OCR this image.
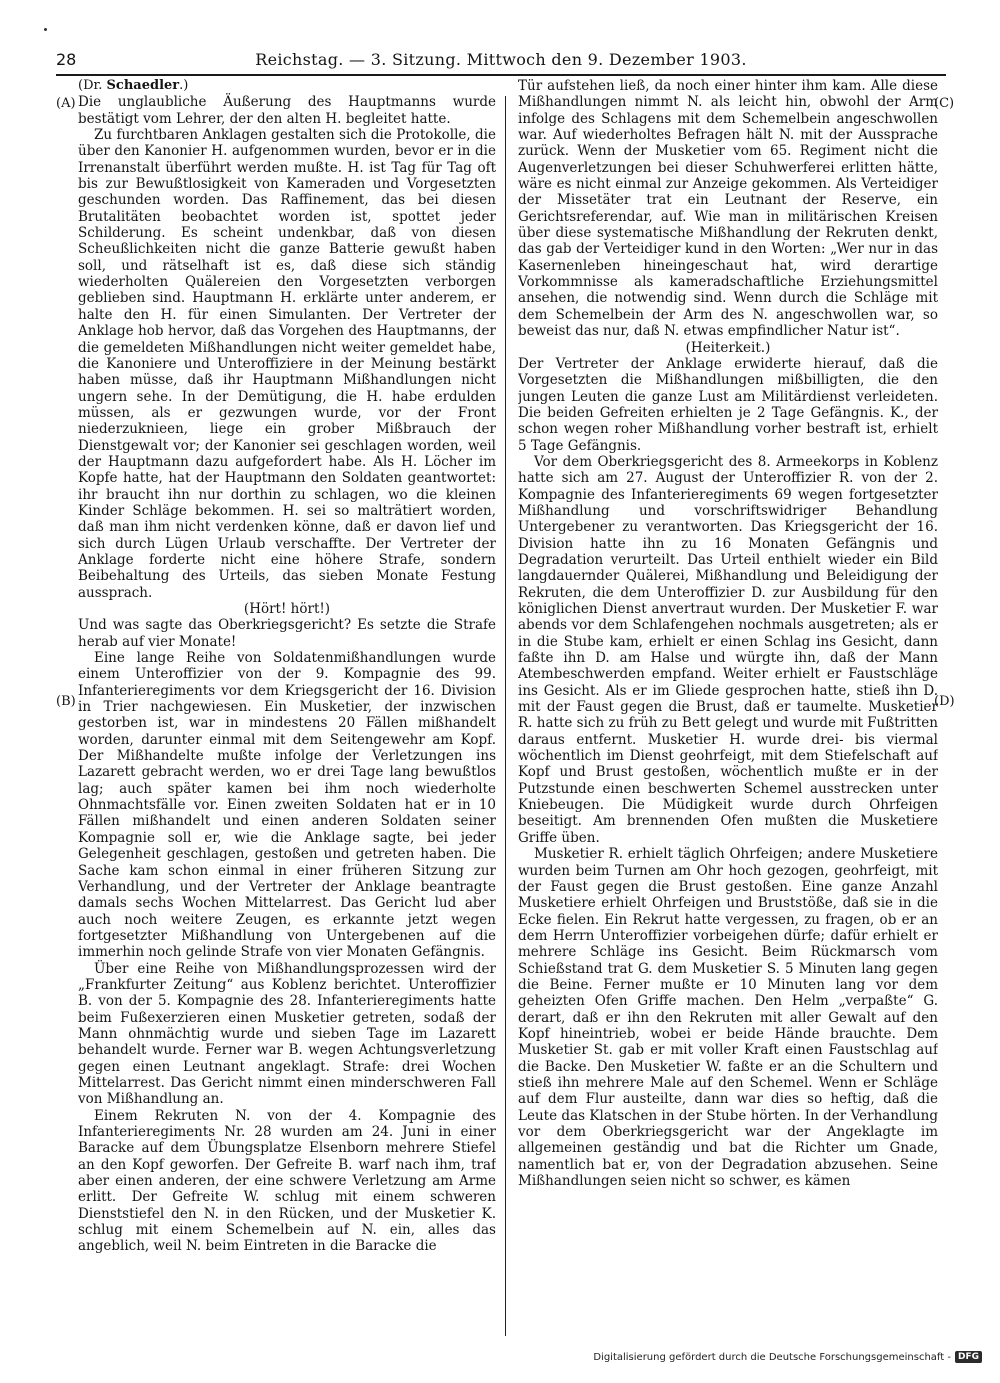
28	Reichstag. — 3. Sitzung. Mittwoch den 9. Dezember 1903.
(A)
(B)
(C)
(D)

(Dr. Schaedler.)

Die unglaubliche Äußerung des Hauptmanns wurde bestätigt vom Lehrer, der den alten H. begleitet hatte.

Zu furchtbaren Anklagen gestalten sich die Protokolle, die über den Kanonier H. aufgenommen wurden, bevor er in die Irrenanstalt überführt werden mußte. H. ist Tag für Tag oft bis zur Bewußtlosigkeit von Kameraden und Vorgesetzten geschunden worden. Das Raffinement, das bei diesen Brutalitäten beobachtet worden ist, spottet jeder Schilderung. Es scheint undenkbar, daß von diesen Scheußlichkeiten nicht die ganze Batterie gewußt haben soll, und rätselhaft ist es, daß diese sich ständig wiederholten Quälereien den Vorgesetzten verborgen geblieben sind. Hauptmann H. erklärte unter anderem, er halte den H. für einen Simulanten. Der Vertreter der Anklage hob hervor, daß das Vorgehen des Hauptmanns, der die gemeldeten Mißhandlungen nicht weiter gemeldet habe, die Kanoniere und Unteroffiziere in der Meinung bestärkt haben müsse, daß ihr Hauptmann Mißhandlungen nicht ungern sehe. In der Demütigung, die H. habe erdulden müssen, als er gezwungen wurde, vor der Front niederzuknieen, liege ein grober Mißbrauch der Dienstgewalt vor; der Kanonier sei geschlagen worden, weil der Hauptmann dazu aufgefordert habe. Als H. Löcher im Kopfe hatte, hat der Hauptmann den Soldaten geantwortet: ihr braucht ihn nur dorthin zu schlagen, wo die kleinen Kinder Schläge bekommen. H. sei so malträtiert worden, daß man ihm nicht verdenken könne, daß er davon lief und sich durch Lügen Urlaub verschaffte. Der Vertreter der Anklage forderte nicht eine höhere Strafe, sondern Beibehaltung des Urteils, das sieben Monate Festung aussprach.

(Hört! hört!)

Und was sagte das Oberkriegsgericht? Es setzte die Strafe herab auf vier Monate!

Eine lange Reihe von Soldatenmißhandlungen wurde einem Unteroffizier von der 9. Kompagnie des 99. Infanterieregiments vor dem Kriegsgericht der 16. Division in Trier nachgewiesen. Ein Musketier, der inzwischen gestorben ist, war in mindestens 20 Fällen mißhandelt worden, darunter einmal mit dem Seitengewehr am Kopf. Der Mißhandelte mußte infolge der Verletzungen ins Lazarett gebracht werden, wo er drei Tage lang bewußtlos lag; auch später kamen bei ihm noch wiederholte Ohnmachtsfälle vor. Einen zweiten Soldaten hat er in 10 Fällen mißhandelt und einen anderen Soldaten seiner Kompagnie soll er, wie die Anklage sagte, bei jeder Gelegenheit geschlagen, gestoßen und getreten haben. Die Sache kam schon einmal in einer früheren Sitzung zur Verhandlung, und der Vertreter der Anklage beantragte damals sechs Wochen Mittelarrest. Das Gericht lud aber auch noch weitere Zeugen, es erkannte jetzt wegen fortgesetzter Mißhandlung von Untergebenen auf die immerhin noch gelinde Strafe von vier Monaten Gefängnis.

Über eine Reihe von Mißhandlungsprozessen wird der „Frankfurter Zeitung“ aus Koblenz berichtet. Unteroffizier B. von der 5. Kompagnie des 28. Infanterieregiments hatte beim Fußexerzieren einen Musketier getreten, sodaß der Mann ohnmächtig wurde und sieben Tage im Lazarett behandelt wurde. Ferner war B. wegen Achtungsverletzung gegen einen Leutnant angeklagt. Strafe: drei Wochen Mittelarrest. Das Gericht nimmt einen minderschweren Fall von Mißhandlung an.

Einem Rekruten N. von der 4. Kompagnie des Infanterieregiments Nr. 28 wurden am 24. Juni in einer Baracke auf dem Übungsplatze Elsenborn mehrere Stiefel an den Kopf geworfen. Der Gefreite B. warf nach ihm, traf aber einen anderen, der eine schwere Verletzung am Arme erlitt. Der Gefreite W. schlug mit einem schweren Dienststiefel den N. in den Rücken, und der Musketier K. schlug mit einem Schemelbein auf N. ein, alles das angeblich, weil N. beim Eintreten in die Baracke die

Tür aufstehen ließ, da noch einer hinter ihm kam. Alle diese Mißhandlungen nimmt N. als leicht hin, obwohl der Arm infolge des Schlagens mit dem Schemelbein angeschwollen war. Auf wiederholtes Befragen hält N. mit der Aussprache zurück. Wenn der Musketier vom 65. Regiment nicht die Augenverletzungen bei dieser Schuhwerferei erlitten hätte, wäre es nicht einmal zur Anzeige gekommen. Als Verteidiger der Missetäter trat ein Leutnant der Reserve, ein Gerichtsreferendar, auf. Wie man in militärischen Kreisen über diese systematische Mißhandlung der Rekruten denkt, das gab der Verteidiger kund in den Worten: „Wer nur in das Kasernenleben hineingeschaut hat, wird derartige Vorkommnisse als kameradschaftliche Erziehungsmittel ansehen, die notwendig sind. Wenn durch die Schläge mit dem Schemelbein der Arm des N. angeschwollen war, so beweist das nur, daß N. etwas empfindlicher Natur ist“.

(Heiterkeit.)

Der Vertreter der Anklage erwiderte hierauf, daß die Vorgesetzten die Mißhandlungen mißbilligten, die den jungen Leuten die ganze Lust am Militärdienst verleideten. Die beiden Gefreiten erhielten je 2 Tage Gefängnis. K., der schon wegen roher Mißhandlung vorher bestraft ist, erhielt 5 Tage Gefängnis.

Vor dem Oberkriegsgericht des 8. Armeekorps in Koblenz hatte sich am 27. August der Unteroffizier R. von der 2. Kompagnie des Infanterieregiments 69 wegen fortgesetzter Mißhandlung und vorschriftswidriger Behandlung Untergebener zu verantworten. Das Kriegsgericht der 16. Division hatte ihn zu 16 Monaten Gefängnis und Degradation verurteilt. Das Urteil enthielt wieder ein Bild langdauernder Quälerei, Mißhandlung und Beleidigung der Rekruten, die dem Unteroffizier D. zur Ausbildung für den königlichen Dienst anvertraut wurden. Der Musketier F. war abends vor dem Schlafengehen nochmals ausgetreten; als er in die Stube kam, erhielt er einen Schlag ins Gesicht, dann faßte ihn D. am Halse und würgte ihn, daß der Mann Atembeschwerden empfand. Weiter erhielt er Faustschläge ins Gesicht. Als er im Gliede gesprochen hatte, stieß ihn D. mit der Faust gegen die Brust, daß er taumelte. Musketier R. hatte sich zu früh zu Bett gelegt und wurde mit Fußtritten daraus entfernt. Musketier H. wurde drei- bis viermal wöchentlich im Dienst geohrfeigt, mit dem Stiefelschaft auf Kopf und Brust gestoßen, wöchentlich mußte er in der Putzstunde einen beschwerten Schemel ausstrecken unter Kniebeugen. Die Müdigkeit wurde durch Ohrfeigen beseitigt. Am brennenden Ofen mußten die Musketiere Griffe üben.

Musketier R. erhielt täglich Ohrfeigen; andere Musketiere wurden beim Turnen am Ohr hoch gezogen, geohrfeigt, mit der Faust gegen die Brust gestoßen. Eine ganze Anzahl Musketiere erhielt Ohrfeigen und Bruststöße, daß sie in die Ecke fielen. Ein Rekrut hatte vergessen, zu fragen, ob er an dem Herrn Unteroffizier vorbeigehen dürfe; dafür erhielt er mehrere Schläge ins Gesicht. Beim Rückmarsch vom Schießstand trat G. dem Musketier S. 5 Minuten lang gegen die Beine. Ferner mußte er 10 Minuten lang vor dem geheizten Ofen Griffe machen. Den Helm „verpaßte“ G. derart, daß er ihn den Rekruten mit aller Gewalt auf den Kopf hineintrieb, wobei er beide Hände brauchte. Dem Musketier St. gab er mit voller Kraft einen Faustschlag auf die Backe. Den Musketier W. faßte er an die Schultern und stieß ihn mehrere Male auf den Schemel. Wenn er Schläge auf dem Flur austeilte, dann war dies so heftig, daß die Leute das Klatschen in der Stube hörten. In der Verhandlung vor dem Oberkriegsgericht war der Angeklagte im allgemeinen geständig und bat die Richter um Gnade, namentlich bat er, von der Degradation abzusehen. Seine Mißhandlungen seien nicht so schwer, es kämen

Digitalisierung gefördert durch die Deutsche Forschungsgemeinschaft - DFG
